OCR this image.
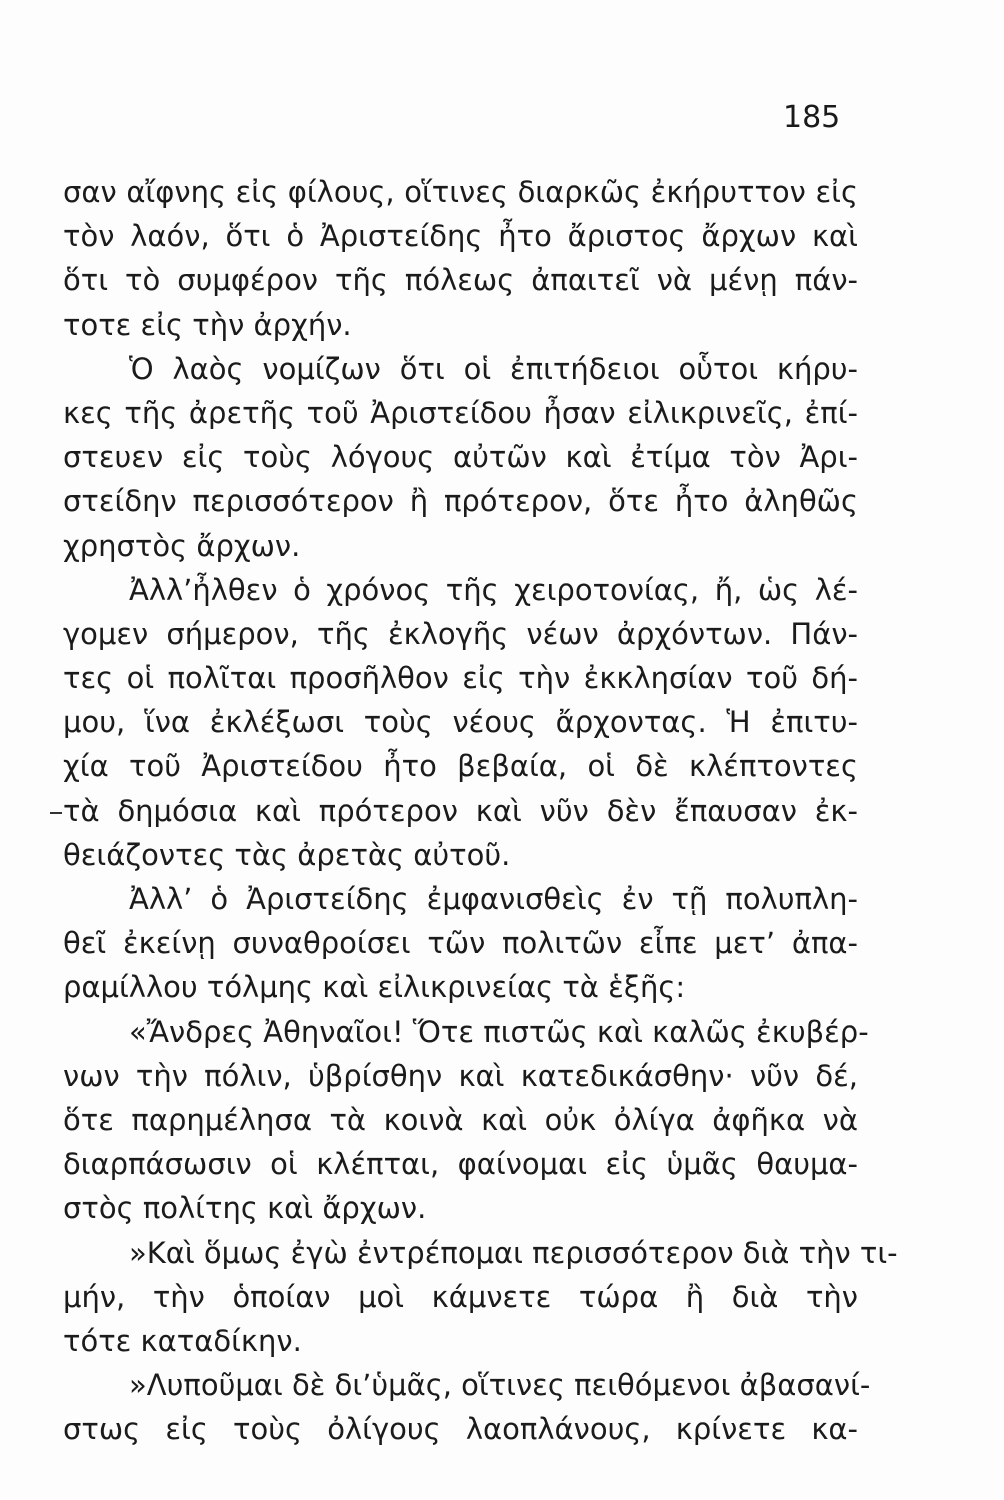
185
σαν αἴφνης εἰς φίλους, οἵτινες διαρκῶς ἐκήρυττον εἰς
τὸν λαόν, ὅτι ὁ Ἀριστείδης ἦτο ἄριστος ἄρχων καὶ
ὅτι τὸ συμφέρον τῆς πόλεως ἀπαιτεῖ νὰ μένῃ πάν-
τοτε εἰς τὴν ἀρχήν.
Ὁ λαὸς νομίζων ὅτι οἱ ἐπιτήδειοι οὗτοι κήρυ-
κες τῆς ἀρετῆς τοῦ Ἀριστείδου ἦσαν εἰλικρινεῖς, ἐπί-
στευεν εἰς τοὺς λόγους αὐτῶν καὶ ἐτίμα τὸν Ἀρι-
στείδην περισσότερον ἢ πρότερον, ὅτε ἦτο ἀληθῶς
χρηστὸς ἄρχων.
Ἀλλ’ἦλθεν ὁ χρόνος τῆς χειροτονίας, ἤ, ὡς λέ-
γομεν σήμερον, τῆς ἐκλογῆς νέων ἀρχόντων. Πάν-
τες οἱ πολῖται προσῆλθον εἰς τὴν ἐκκλησίαν τοῦ δή-
μου, ἵνα ἐκλέξωσι τοὺς νέους ἄρχοντας. Ἡ ἐπιτυ-
χία τοῦ Ἀριστείδου ἦτο βεβαία, οἱ δὲ κλέπτοντες
τὰ δημόσια καὶ πρότερον καὶ νῦν δὲν ἔπαυσαν ἐκ-
θειάζοντες τὰς ἀρετὰς αὐτοῦ.
Ἀλλ’ ὁ Ἀριστείδης ἐμφανισθεὶς ἐν τῇ πολυπλη-
θεῖ ἐκείνῃ συναθροίσει τῶν πολιτῶν εἶπε μετ’ ἀπα-
ραμίλλου τόλμης καὶ εἰλικρινείας τὰ ἑξῆς:
«Ἄνδρες Ἀθηναῖοι! Ὅτε πιστῶς καὶ καλῶς ἐκυβέρ-
νων τὴν πόλιν, ὑβρίσθην καὶ κατεδικάσθην· νῦν δέ,
ὅτε παρημέλησα τὰ κοινὰ καὶ οὐκ ὀλίγα ἀφῆκα νὰ
διαρπάσωσιν οἱ κλέπται, φαίνομαι εἰς ὑμᾶς θαυμα-
στὸς πολίτης καὶ ἄρχων.
»Καὶ ὅμως ἐγὼ ἐντρέπομαι περισσότερον διὰ τὴν τι-
μήν, τὴν ὁποίαν μοὶ κάμνετε τώρα ἢ διὰ τὴν
τότε καταδίκην.
»Λυποῦμαι δὲ δι’ὑμᾶς, οἵτινες πειθόμενοι ἀβασανί-
στως εἰς τοὺς ὀλίγους λαοπλάνους, κρίνετε κα-
